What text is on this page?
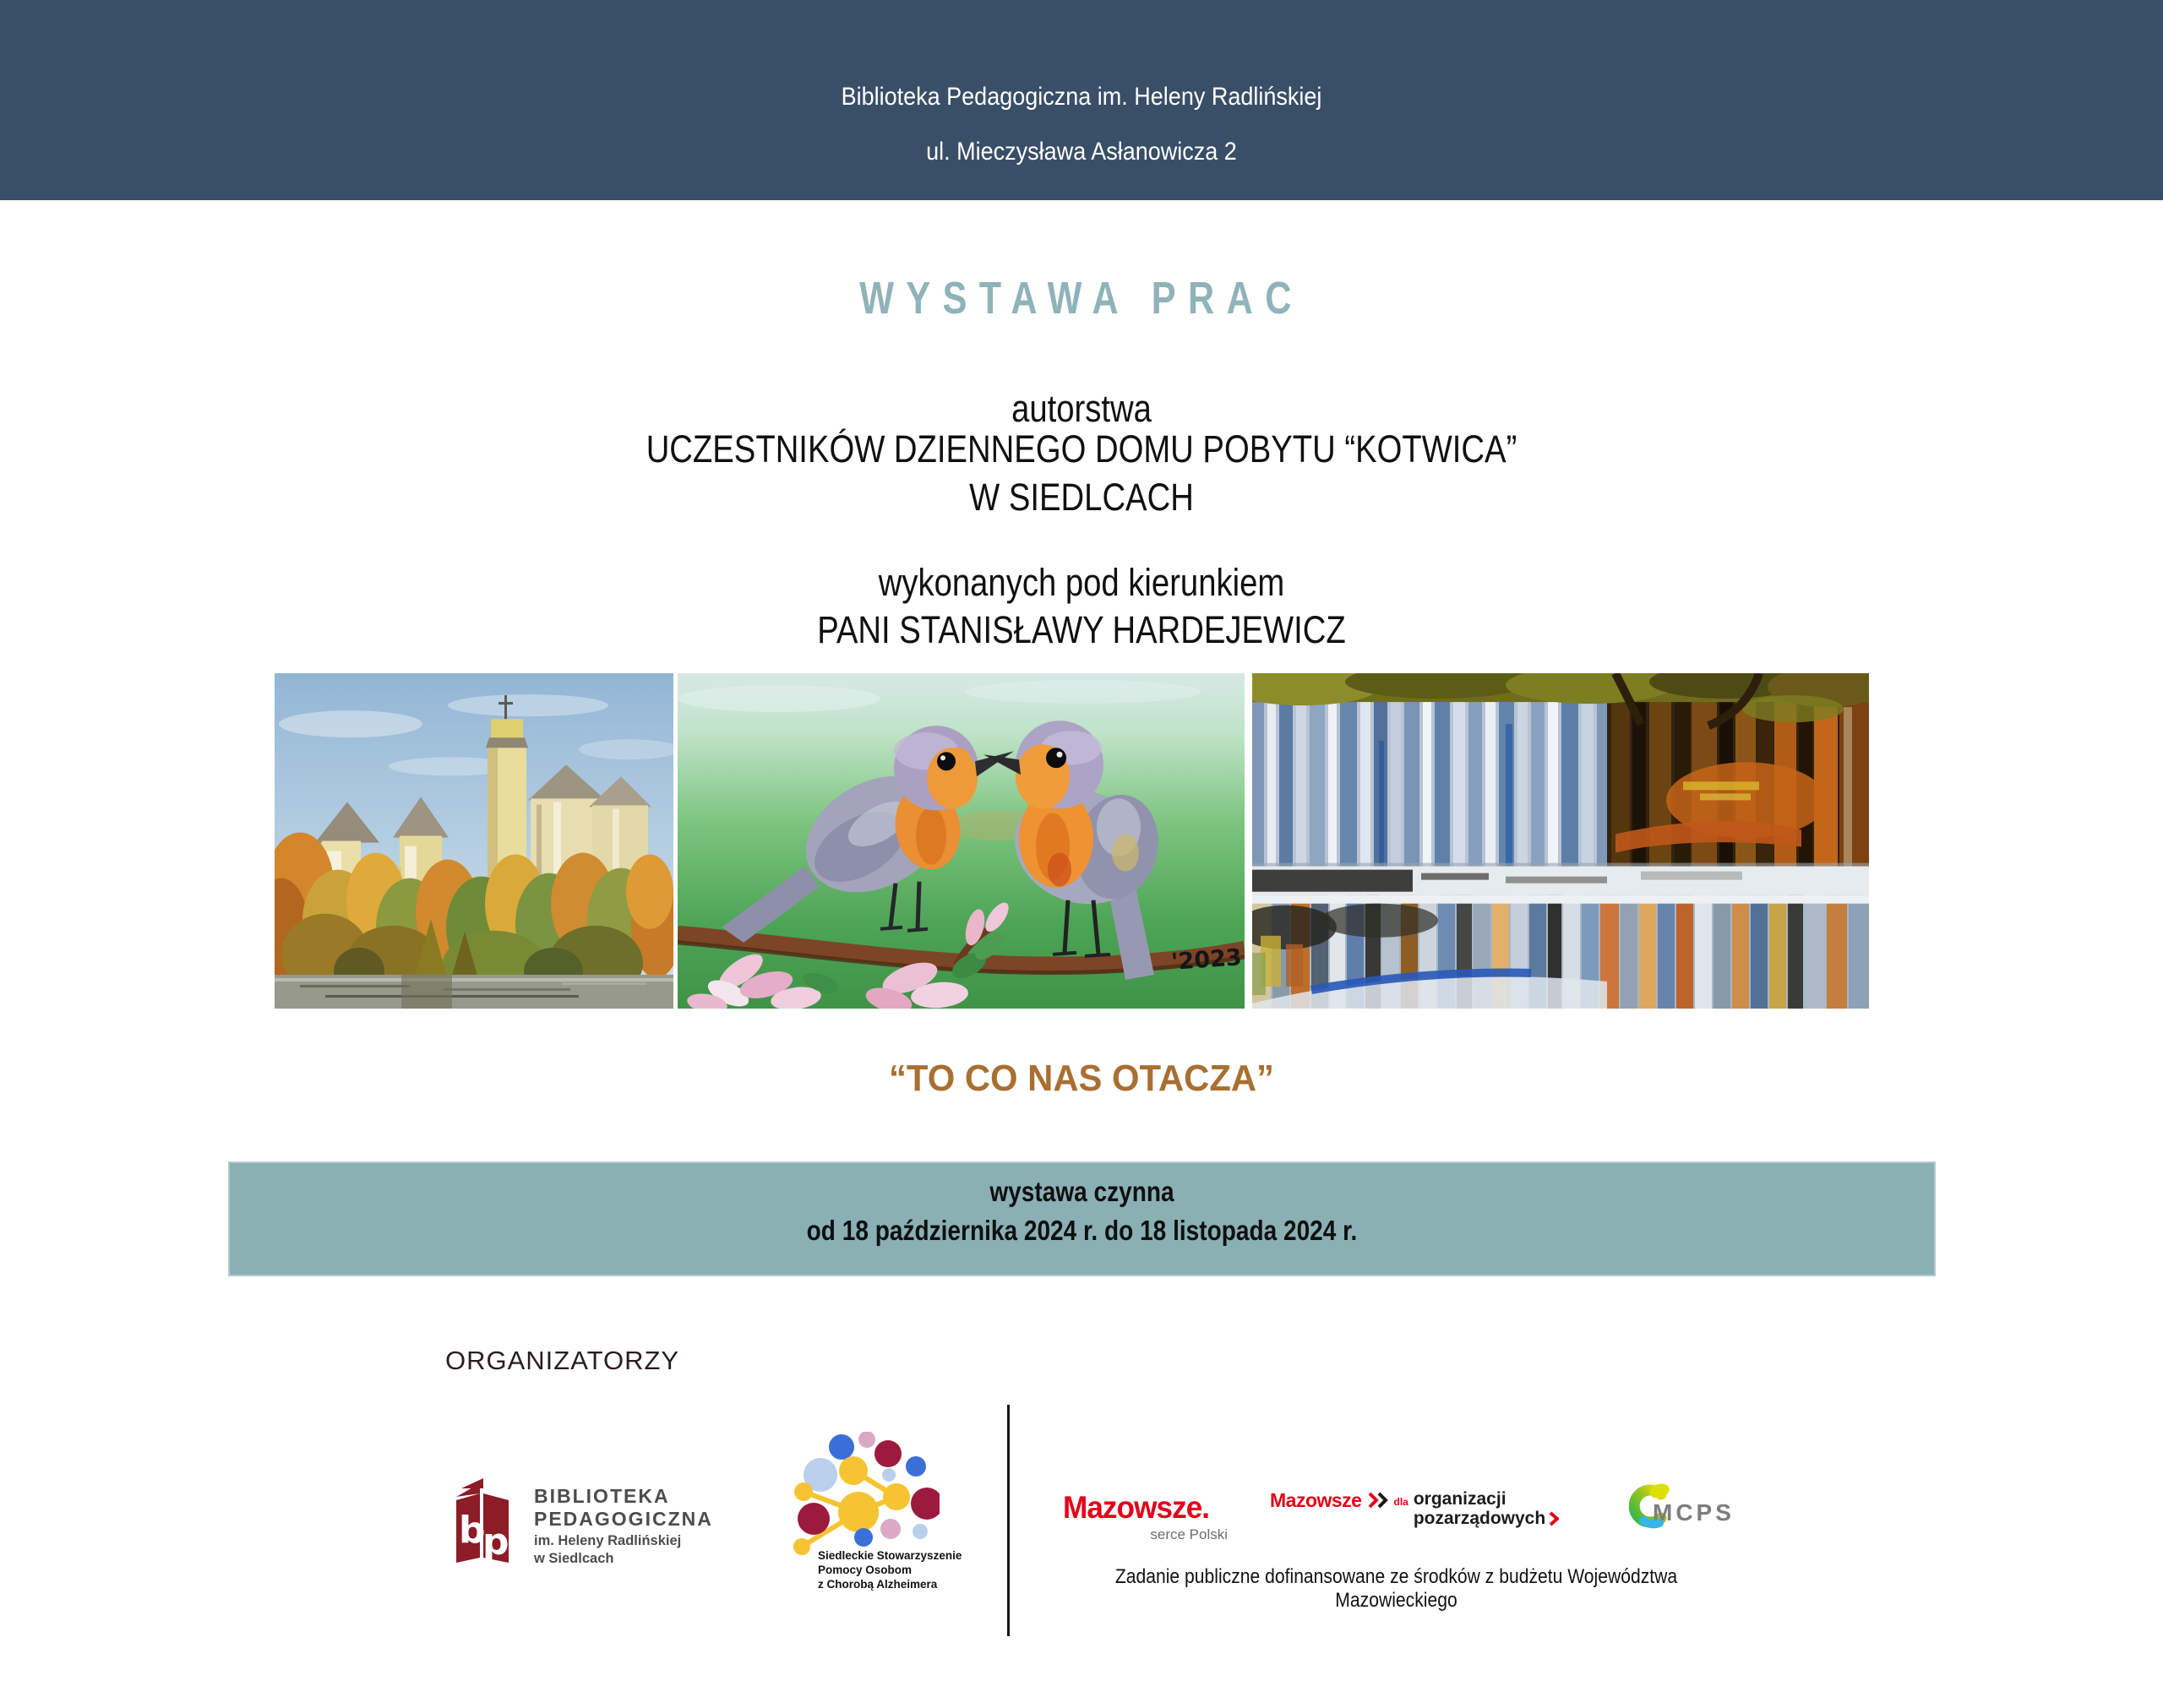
Biblioteka Pedagogiczna im. Heleny Radlińskiej
ul. Mieczysława Asłanowicza 2
WYSTAWA PRAC
autorstwa
UCZESTNIKÓW DZIENNEGO DOMU POBYTU “KOTWICA”
W SIEDLCACH
wykonanych pod kierunkiem
PANI STANISŁAWY HARDEJEWICZ
'2023
“TO CO NAS OTACZA”
wystawa czynna
od 18 października 2024 r. do 18 listopada 2024 r.
ORGANIZATORZY
b
p
BIBLIOTEKA
PEDAGOGICZNA
im. Heleny Radlińskiej
w Siedlcach	Siedleckie Stowarzyszenie
Pomocy Osobom
z Chorobą Alzheimera
Mazowsze.
serce Polski
Mazowsze	dla organizacji
pozarządowych	MCPS
Zadanie publiczne dofinansowane ze środków z budżetu Województwa Mazowieckiego
